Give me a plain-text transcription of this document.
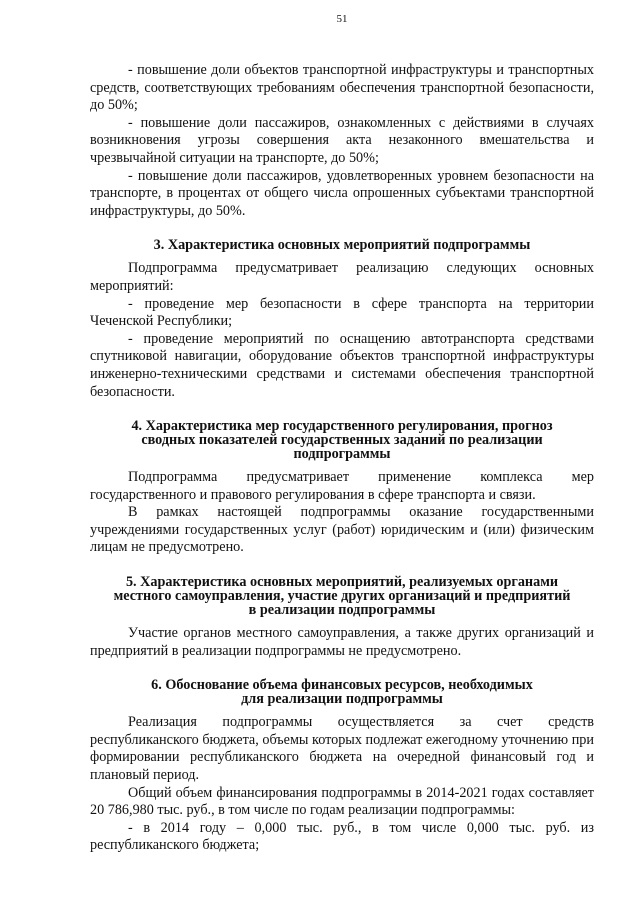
51

- повышение доли объектов транспортной инфраструктуры и транспортных средств, соответствующих требованиям обеспечения транспортной безопасности, до 50%;

- повышение доли пассажиров, ознакомленных с действиями в случаях возникновения угрозы совершения акта незаконного вмешательства и чрезвычайной ситуации на транспорте, до 50%;

- повышение доли пассажиров, удовлетворенных уровнем безопасности на транспорте, в процентах от общего числа опрошенных субъектами транспортной инфраструктуры, до 50%.

3. Характеристика основных мероприятий подпрограммы

Подпрограмма предусматривает реализацию следующих основных мероприятий:

- проведение мер безопасности в сфере транспорта на территории Чеченской Республики;

- проведение мероприятий по оснащению автотранспорта средствами спутниковой навигации, оборудование объектов транспортной инфраструктуры инженерно-техническими средствами и системами обеспечения транспортной безопасности.

4. Характеристика мер государственного регулирования, прогноз
сводных показателей государственных заданий по реализации
подпрограммы

Подпрограмма предусматривает применение комплекса мер государственного и правового регулирования в сфере транспорта и связи.

В рамках настоящей подпрограммы оказание государственными учреждениями государственных услуг (работ) юридическим и (или) физическим лицам не предусмотрено.

5. Характеристика основных мероприятий, реализуемых органами
местного самоуправления, участие других организаций и предприятий
в реализации подпрограммы

Участие органов местного самоуправления, а также других организаций и предприятий в реализации подпрограммы не предусмотрено.

6. Обоснование объема финансовых ресурсов, необходимых
для реализации подпрограммы

Реализация подпрограммы осуществляется за счет средств республиканского бюджета, объемы которых подлежат ежегодному уточнению при формировании республиканского бюджета на очередной финансовый год и плановый период.

Общий объем финансирования подпрограммы в 2014-2021 годах составляет 20 786,980 тыс. руб., в том числе по годам реализации подпрограммы:

- в 2014 году – 0,000 тыс. руб., в том числе 0,000 тыс. руб. из республиканского бюджета;
